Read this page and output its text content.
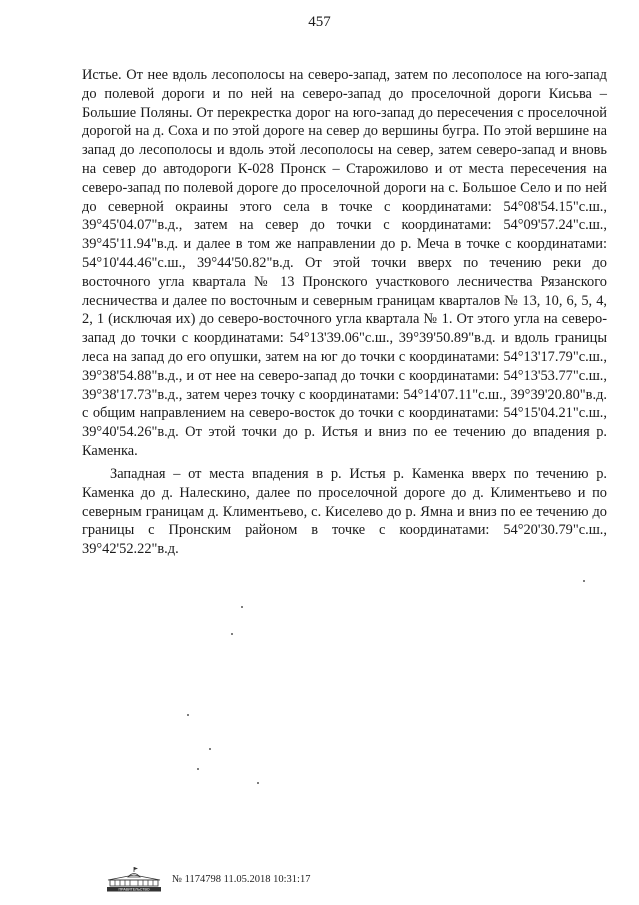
457
Истье. От нее вдоль лесополосы на северо-запад, затем по лесополосе на юго-запад до полевой дороги и по ней на северо-запад до проселочной дороги Кисьва – Большие Поляны. От перекрестка дорог на юго-запад до пересечения с проселочной дорогой на д. Соха и по этой дороге на север до вершины бугра. По этой вершине на запад до лесополосы и вдоль этой лесополосы на север, затем северо-запад и вновь на север до автодороги К-028 Пронск – Старожилово и от места пересечения на северо-запад по полевой дороге до проселочной дороги на с. Большое Село и по ней до северной окраины этого села в точке с координатами: 54°08'54.15"с.ш., 39°45'04.07"в.д., затем на север до точки с координатами: 54°09'57.24"с.ш., 39°45'11.94"в.д. и далее в том же направлении до р. Меча в точке с координатами: 54°10'44.46"с.ш., 39°44'50.82"в.д. От этой точки вверх по течению реки до восточного угла квартала № 13 Пронского участкового лесничества Рязанского лесничества и далее по восточным и северным границам кварталов № 13, 10, 6, 5, 4, 2, 1 (исключая их) до северо-восточного угла квартала № 1. От этого угла на северо-запад до точки с координатами: 54°13'39.06"с.ш., 39°39'50.89"в.д. и вдоль границы леса на запад до его опушки, затем на юг до точки с координатами: 54°13'17.79"с.ш., 39°38'54.88"в.д., и от нее на северо-запад до точки с координатами: 54°13'53.77"с.ш., 39°38'17.73"в.д., затем через точку с координатами: 54°14'07.11"с.ш., 39°39'20.80"в.д. с общим направлением на северо-восток до точки с координатами: 54°15'04.21"с.ш., 39°40'54.26"в.д. От этой точки до р. Истья и вниз по ее течению до впадения р. Каменка.
Западная – от места впадения в р. Истья р. Каменка вверх по течению р. Каменка до д. Налескино, далее по проселочной дороге до д. Климентьево и по северным границам д. Климентьево, с. Киселево до р. Ямна и вниз по ее течению до границы с Пронским районом в точке с координатами: 54°20'30.79"с.ш., 39°42'52.22"в.д.
ПРАВИТЕЛЬСТВО
№ 1174798 11.05.2018 10:31:17
